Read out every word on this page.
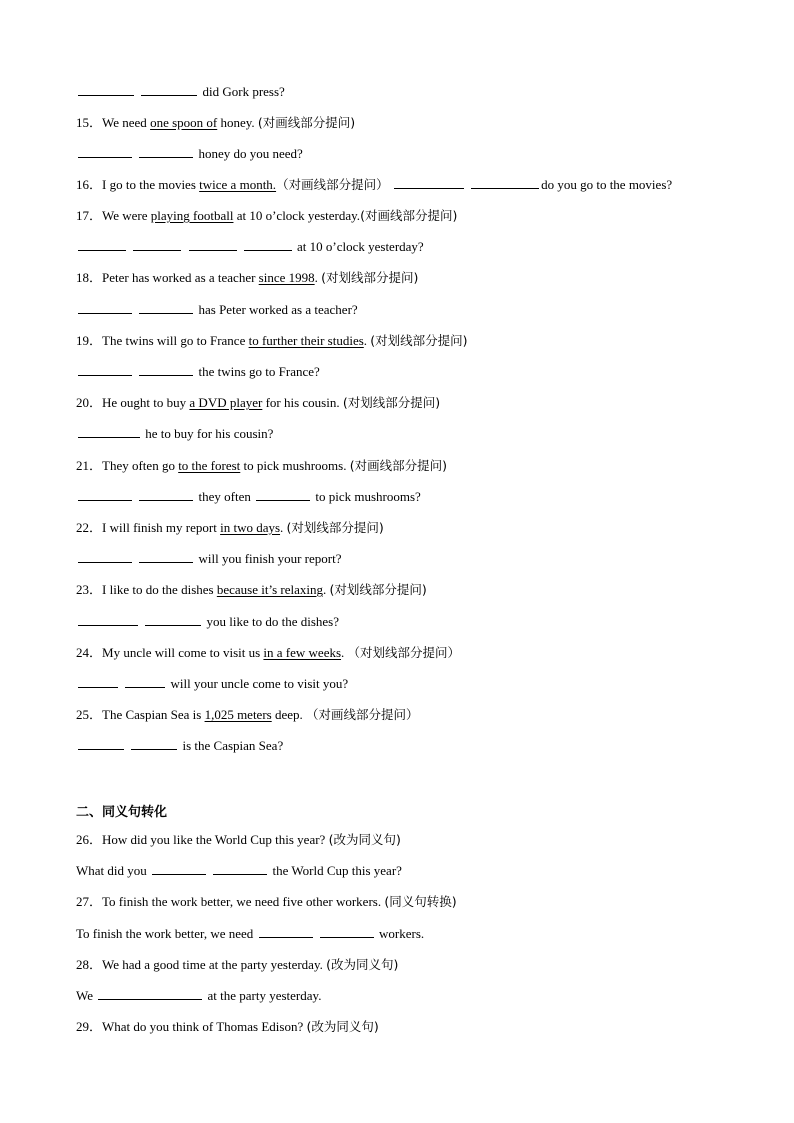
did Gork press?
15．We need one spoon of honey. (对画线部分提问)
honey do you need?
16．I go to the movies twice a month.（对画线部分提问）	do you go to the movies?
17．We were playing football at 10 o’clock yesterday.(对画线部分提问)
at 10 o’clock yesterday?
18．Peter has worked as a teacher since 1998. (对划线部分提问)
has Peter worked as a teacher?
19．The twins will go to France to further their studies. (对划线部分提问)
the twins go to France?
20．He ought to buy a DVD player for his cousin. (对划线部分提问)
he to buy for his cousin?
21．They often go to the forest to pick mushrooms. (对画线部分提问)
they often	to pick mushrooms?
22．I will finish my report in two days. (对划线部分提问)
will you finish your report?
23．I like to do the dishes because it’s relaxing. (对划线部分提问)
you like to do the dishes?
24．My uncle will come to visit us in a few weeks. （对划线部分提问）
will your uncle come to visit you?
25．The Caspian Sea is 1,025 meters deep. （对画线部分提问）
is the Caspian Sea?
二、同义句转化
26．How did you like the World Cup this year? (改为同义句)
What did you	the World Cup this year?
27．To finish the work better, we need five other workers. (同义句转换)
To finish the work better, we need	workers.
28．We had a good time at the party yesterday. (改为同义句)
We	at the party yesterday.
29．What do you think of Thomas Edison? (改为同义句)
